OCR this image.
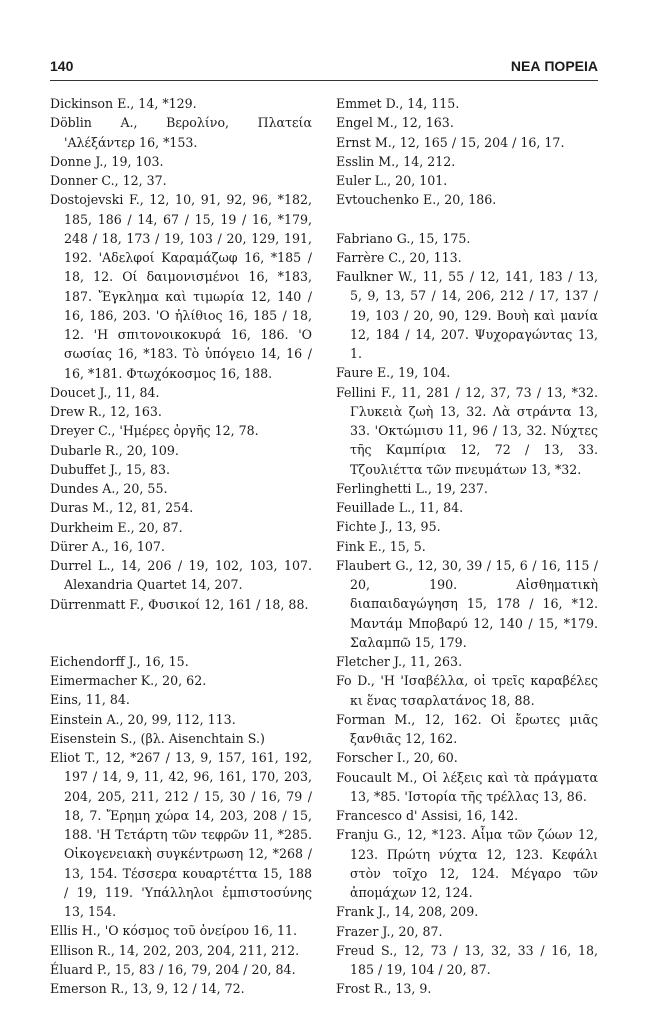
140	ΝΕΑ ΠΟΡΕΙΑ
Dickinson E., 14, *129.
Döblin A., Βερολίνο, Πλατεία 'Αλέξάντερ 16, *153.
Donne J., 19, 103.
Donner C., 12, 37.
Dostojevski F., 12, 10, 91, 92, 96, *182, 185, 186 / 14, 67 / 15, 19 / 16, *179, 248 / 18, 173 / 19, 103 / 20, 129, 191, 192. 'Αδελφοί Καραμάζωφ 16, *185 / 18, 12. Οί δαιμονισμένοι 16, *183, 187. Ἔγκλημα καὶ τιμωρία 12, 140 / 16, 186, 203. 'Ο ἠλίθιος 16, 185 / 18, 12. 'Η σπιτονοικοκυρά 16, 186. 'Ο σωσίας 16, *183. Τὸ ὑπόγειο 14, 16 / 16, *181. Φτωχόκοσμος 16, 188.
Doucet J., 11, 84.
Drew R., 12, 163.
Dreyer C., 'Ημέρες ὀργῆς 12, 78.
Dubarle R., 20, 109.
Dubuffet J., 15, 83.
Dundes A., 20, 55.
Duras M., 12, 81, 254.
Durkheim E., 20, 87.
Dürer A., 16, 107.
Durrel L., 14, 206 / 19, 102, 103, 107. Alexandria Quartet 14, 207.
Dürrenmatt F., Φυσικοί 12, 161 / 18, 88.
Eichendorff J., 16, 15.
Eimermacher K., 20, 62.
Eins, 11, 84.
Einstein A., 20, 99, 112, 113.
Eisenstein S., (βλ. Aisenchtain S.)
Eliot T., 12, *267 / 13, 9, 157, 161, 192, 197 / 14, 9, 11, 42, 96, 161, 170, 203, 204, 205, 211, 212 / 15, 30 / 16, 79 / 18, 7. Ἔρημη χώρα 14, 203, 208 / 15, 188. 'Η Τετάρτη τῶν τεφρῶν 11, *285. Οἰκογενειακὴ συγκέντρωση 12, *268 / 13, 154. Τέσσερα κουαρτέττα 15, 188 / 19, 119. 'Υπάλληλοι ἐμπιστοσύνης 13, 154.
Ellis H., 'Ο κόσμος τοῦ ὀνείρου 16, 11.
Ellison R., 14, 202, 203, 204, 211, 212.
Éluard P., 15, 83 / 16, 79, 204 / 20, 84.
Emerson R., 13, 9, 12 / 14, 72.
Emmet D., 14, 115.
Engel M., 12, 163.
Ernst M., 12, 165 / 15, 204 / 16, 17.
Esslin M., 14, 212.
Euler L., 20, 101.
Evtouchenko E., 20, 186.
Fabriano G., 15, 175.
Farrère C., 20, 113.
Faulkner W., 11, 55 / 12, 141, 183 / 13, 5, 9, 13, 57 / 14, 206, 212 / 17, 137 / 19, 103 / 20, 90, 129. Βουὴ καὶ μανία 12, 184 / 14, 207. Ψυχοραγώντας 13, 1.
Faure E., 19, 104.
Fellini F., 11, 281 / 12, 37, 73 / 13, *32. Γλυκειὰ ζωὴ 13, 32. Λὰ στράντα 13, 33. 'Οκτώμισυ 11, 96 / 13, 32. Νύχτες τῆς Καμπίρια 12, 72 / 13, 33. Τζουλιέττα τῶν πνευμάτων 13, *32.
Ferlinghetti L., 19, 237.
Feuillade L., 11, 84.
Fichte J., 13, 95.
Fink E., 15, 5.
Flaubert G., 12, 30, 39 / 15, 6 / 16, 115 / 20, 190. Αἰσθηματικὴ διαπαιδαγώγηση 15, 178 / 16, *12. Μαντάμ Μποβαρύ 12, 140 / 15, *179. Σαλαμπῶ 15, 179.
Fletcher J., 11, 263.
Fo D., 'Η 'Ισαβέλλα, οἱ τρεῖς καραβέλες κι ἕνας τσαρλατάνος 18, 88.
Forman M., 12, 162. Οἱ ἔρωτες μιᾶς ξανθιᾶς 12, 162.
Forscher I., 20, 60.
Foucault M., Οἱ λέξεις καὶ τὰ πράγματα 13, *85. 'Ιστορία τῆς τρέλλας 13, 86.
Francesco d' Assisi, 16, 142.
Franju G., 12, *123. Αἷμα τῶν ζώων 12, 123. Πρώτη νύχτα 12, 123. Κεφάλι στὸν τοῖχο 12, 124. Μέγαρο τῶν ἀπομάχων 12, 124.
Frank J., 14, 208, 209.
Frazer J., 20, 87.
Freud S., 12, 73 / 13, 32, 33 / 16, 18, 185 / 19, 104 / 20, 87.
Frost R., 13, 9.
